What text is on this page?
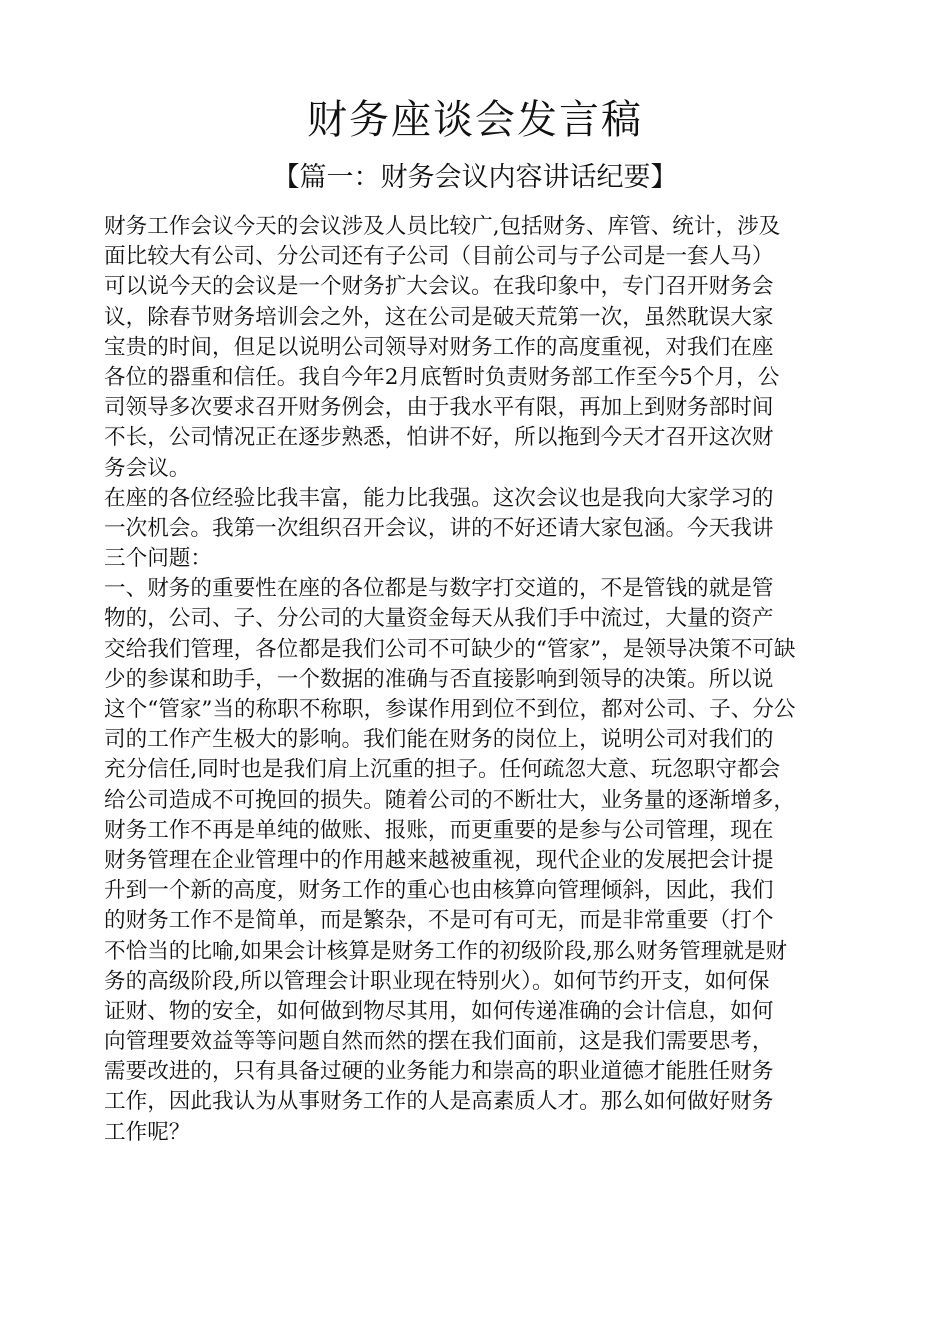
财务座谈会发言稿
【篇一：财务会议内容讲话纪要】
财务工作会议今天的会议涉及人员比较广,包括财务、库管、统计，涉及
面比较大有公司、分公司还有子公司（目前公司与子公司是一套人马）
可以说今天的会议是一个财务扩大会议。在我印象中，专门召开财务会
议，除春节财务培训会之外，这在公司是破天荒第一次，虽然耽误大家
宝贵的时间，但足以说明公司领导对财务工作的高度重视，对我们在座
各位的器重和信任。我自今年2月底暂时负责财务部工作至今5个月，公
司领导多次要求召开财务例会，由于我水平有限，再加上到财务部时间
不长，公司情况正在逐步熟悉，怕讲不好，所以拖到今天才召开这次财
务会议。
在座的各位经验比我丰富，能力比我强。这次会议也是我向大家学习的
一次机会。我第一次组织召开会议，讲的不好还请大家包涵。今天我讲
三个问题：
一、财务的重要性在座的各位都是与数字打交道的，不是管钱的就是管
物的，公司、子、分公司的大量资金每天从我们手中流过，大量的资产
交给我们管理，各位都是我们公司不可缺少的“管家”，是领导决策不可缺
少的参谋和助手，一个数据的准确与否直接影响到领导的决策。所以说
这个“管家”当的称职不称职，参谋作用到位不到位，都对公司、子、分公
司的工作产生极大的影响。我们能在财务的岗位上，说明公司对我们的
充分信任,同时也是我们肩上沉重的担子。任何疏忽大意、玩忽职守都会
给公司造成不可挽回的损失。随着公司的不断壮大，业务量的逐渐增多，
财务工作不再是单纯的做账、报账，而更重要的是参与公司管理，现在
财务管理在企业管理中的作用越来越被重视，现代企业的发展把会计提
升到一个新的高度，财务工作的重心也由核算向管理倾斜，因此，我们
的财务工作不是简单，而是繁杂，不是可有可无，而是非常重要（打个
不恰当的比喻,如果会计核算是财务工作的初级阶段,那么财务管理就是财
务的高级阶段,所以管理会计职业现在特别火）。如何节约开支，如何保
证财、物的安全，如何做到物尽其用，如何传递准确的会计信息，如何
向管理要效益等等问题自然而然的摆在我们面前，这是我们需要思考，
需要改进的，只有具备过硬的业务能力和崇高的职业道德才能胜任财务
工作，因此我认为从事财务工作的人是高素质人才。那么如何做好财务
工作呢？
